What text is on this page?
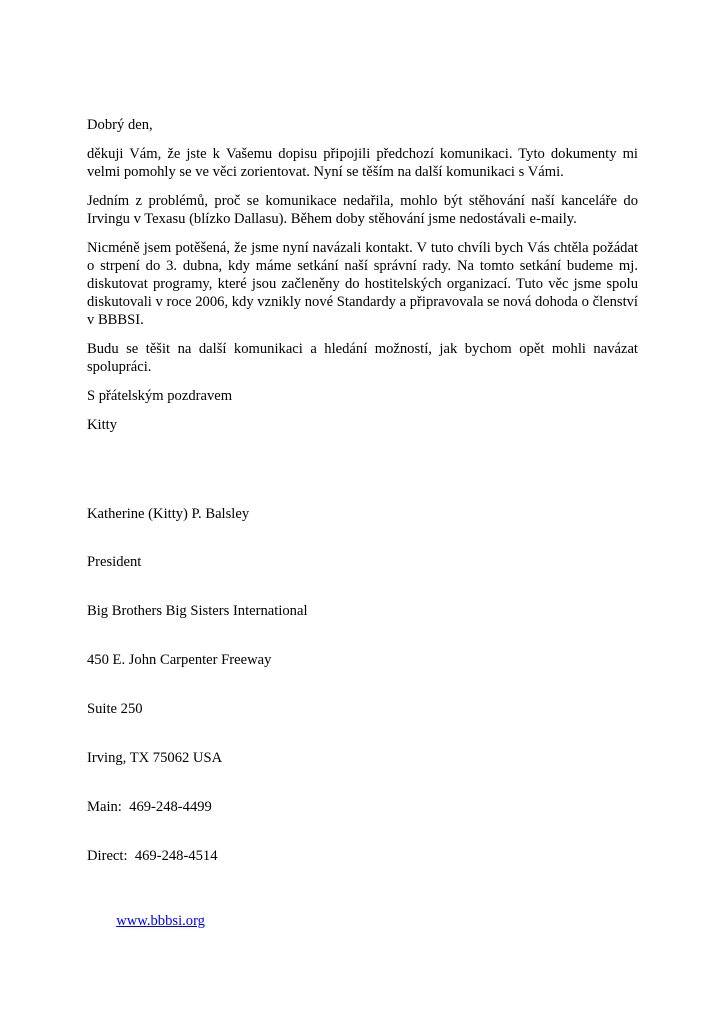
Dobrý den,

děkuji Vám, že jste k Vašemu dopisu připojili předchozí komunikaci. Tyto dokumenty mi velmi pomohly se ve věci zorientovat. Nyní se těším na další komunikaci s Vámi.

Jedním z problémů, proč se komunikace nedařila, mohlo být stěhování naší kanceláře do Irvingu v Texasu (blízko Dallasu). Během doby stěhování jsme nedostávali e-maily.

Nicméně jsem potěšená, že jsme nyní navázali kontakt. V tuto chvíli bych Vás chtěla požádat o strpení do 3. dubna, kdy máme setkání naší správní rady. Na tomto setkání budeme mj. diskutovat programy, které jsou začleněny do hostitelských organizací. Tuto věc jsme spolu diskutovali v roce 2006, kdy vznikly nové Standardy a připravovala se nová dohoda o členství v BBBSI.

Budu se těšit na další komunikaci a hledání možností, jak bychom opět mohli navázat spolupráci.

S přátelským pozdravem

Kitty

Katherine (Kitty) P. Balsley

President

Big Brothers Big Sisters International

450 E. John Carpenter Freeway

Suite 250

Irving, TX 75062 USA

Main:  469-248-4499

Direct:  469-248-4514

www.bbbsi.org
